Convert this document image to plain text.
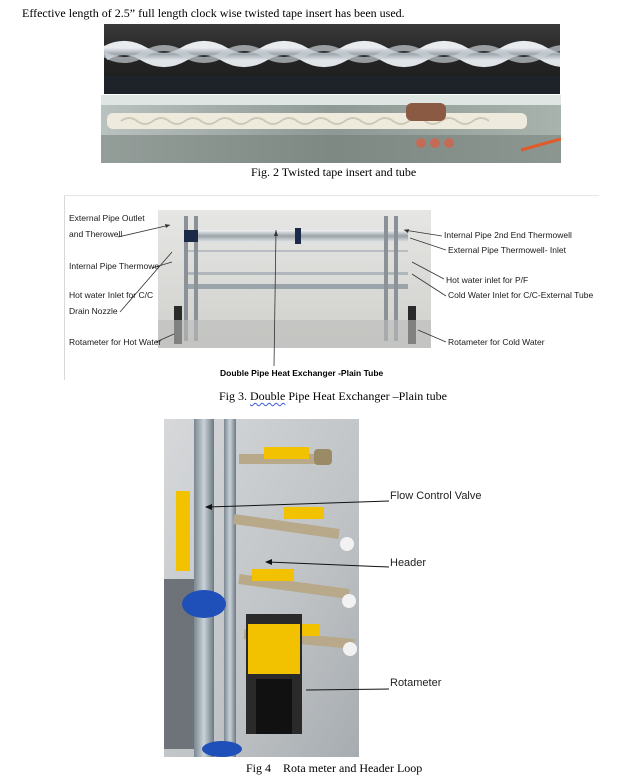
Effective length of 2.5” full length clock wise twisted tape insert has been used.
Fig. 2 Twisted tape insert and tube
External Pipe Outlet
and Therowell
Internal Pipe Thermowe
Hot water Inlet for C/C
Drain Nozzle
Rotameter for Hot Water
Internal Pipe 2nd End Thermowell
External Pipe Thermowell- Inlet
Hot water inlet for P/F
Cold Water Inlet for C/C-External Tube
Rotameter for Cold Water
Double Pipe Heat Exchanger -Plain Tube
Fig 3. Double Pipe Heat Exchanger –Plain tube
Flow Control Valve
Header
Rotameter
Fig 4    Rota meter and Header Loop
